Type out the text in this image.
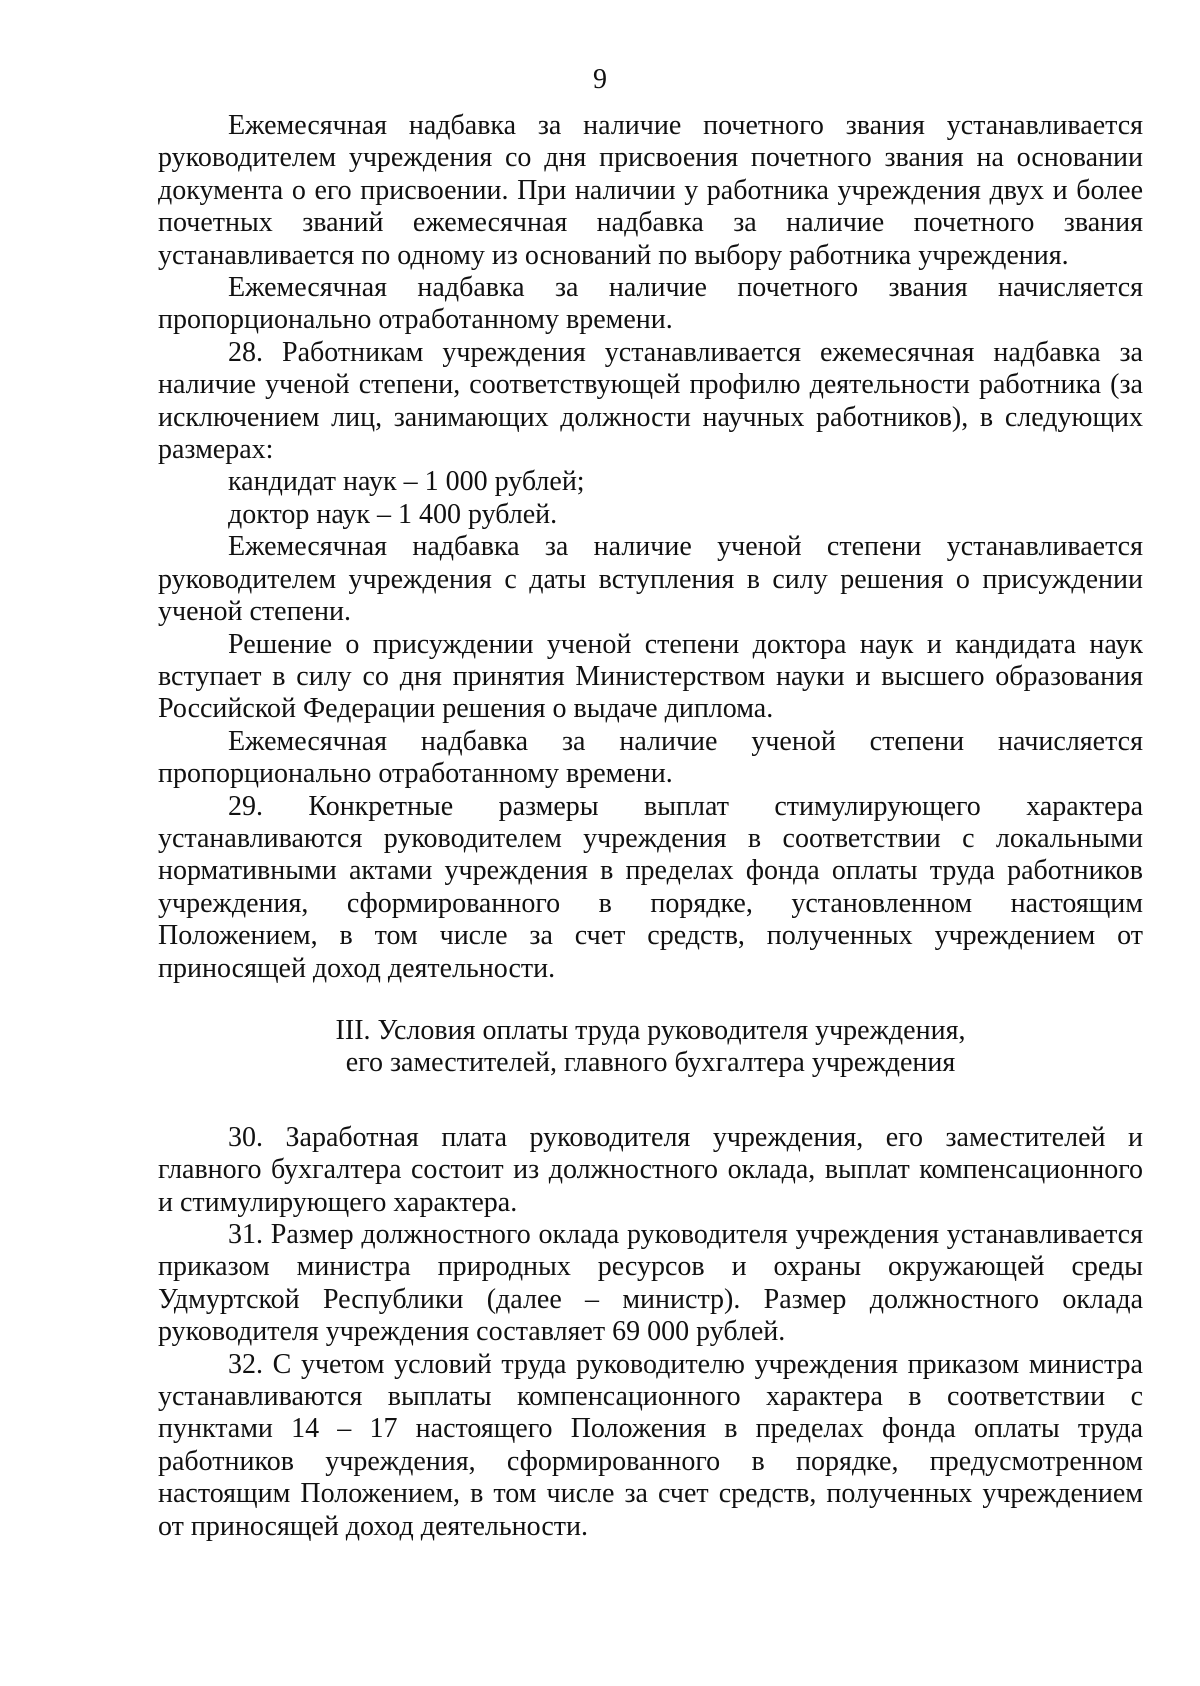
9

Ежемесячная надбавка за наличие почетного звания устанавливается руководителем учреждения со дня присвоения почетного звания на основании документа о его присвоении. При наличии у работника учреждения двух и более почетных званий ежемесячная надбавка за наличие почетного звания устанавливается по одному из оснований по выбору работника учреждения.

Ежемесячная надбавка за наличие почетного звания начисляется пропорционально отработанному времени.

28. Работникам учреждения устанавливается ежемесячная надбавка за наличие ученой степени, соответствующей профилю деятельности работника (за исключением лиц, занимающих должности научных работников), в следующих размерах:

кандидат наук – 1 000 рублей;

доктор наук – 1 400 рублей.

Ежемесячная надбавка за наличие ученой степени устанавливается руководителем учреждения с даты вступления в силу решения о присуждении ученой степени.

Решение о присуждении ученой степени доктора наук и кандидата наук вступает в силу со дня принятия Министерством науки и высшего образования Российской Федерации решения о выдаче диплома.

Ежемесячная надбавка за наличие ученой степени начисляется пропорционально отработанному времени.

29. Конкретные размеры выплат стимулирующего характера устанавливаются руководителем учреждения в соответствии с локальными нормативными актами учреждения в пределах фонда оплаты труда работников учреждения, сформированного в порядке, установленном настоящим Положением, в том числе за счет средств, полученных учреждением от приносящей доход деятельности.

III. Условия оплаты труда руководителя учреждения,

его заместителей, главного бухгалтера учреждения

30. Заработная плата руководителя учреждения, его заместителей и главного бухгалтера состоит из должностного оклада, выплат компенсационного и стимулирующего характера.

31. Размер должностного оклада руководителя учреждения устанавливается приказом министра природных ресурсов и охраны окружающей среды Удмуртской Республики (далее – министр). Размер должностного оклада руководителя учреждения составляет 69 000 рублей.

32. С учетом условий труда руководителю учреждения приказом министра устанавливаются выплаты компенсационного характера в соответствии с пунктами 14 – 17 настоящего Положения в пределах фонда оплаты труда работников учреждения, сформированного в порядке, предусмотренном настоящим Положением, в том числе за счет средств, полученных учреждением от приносящей доход деятельности.
